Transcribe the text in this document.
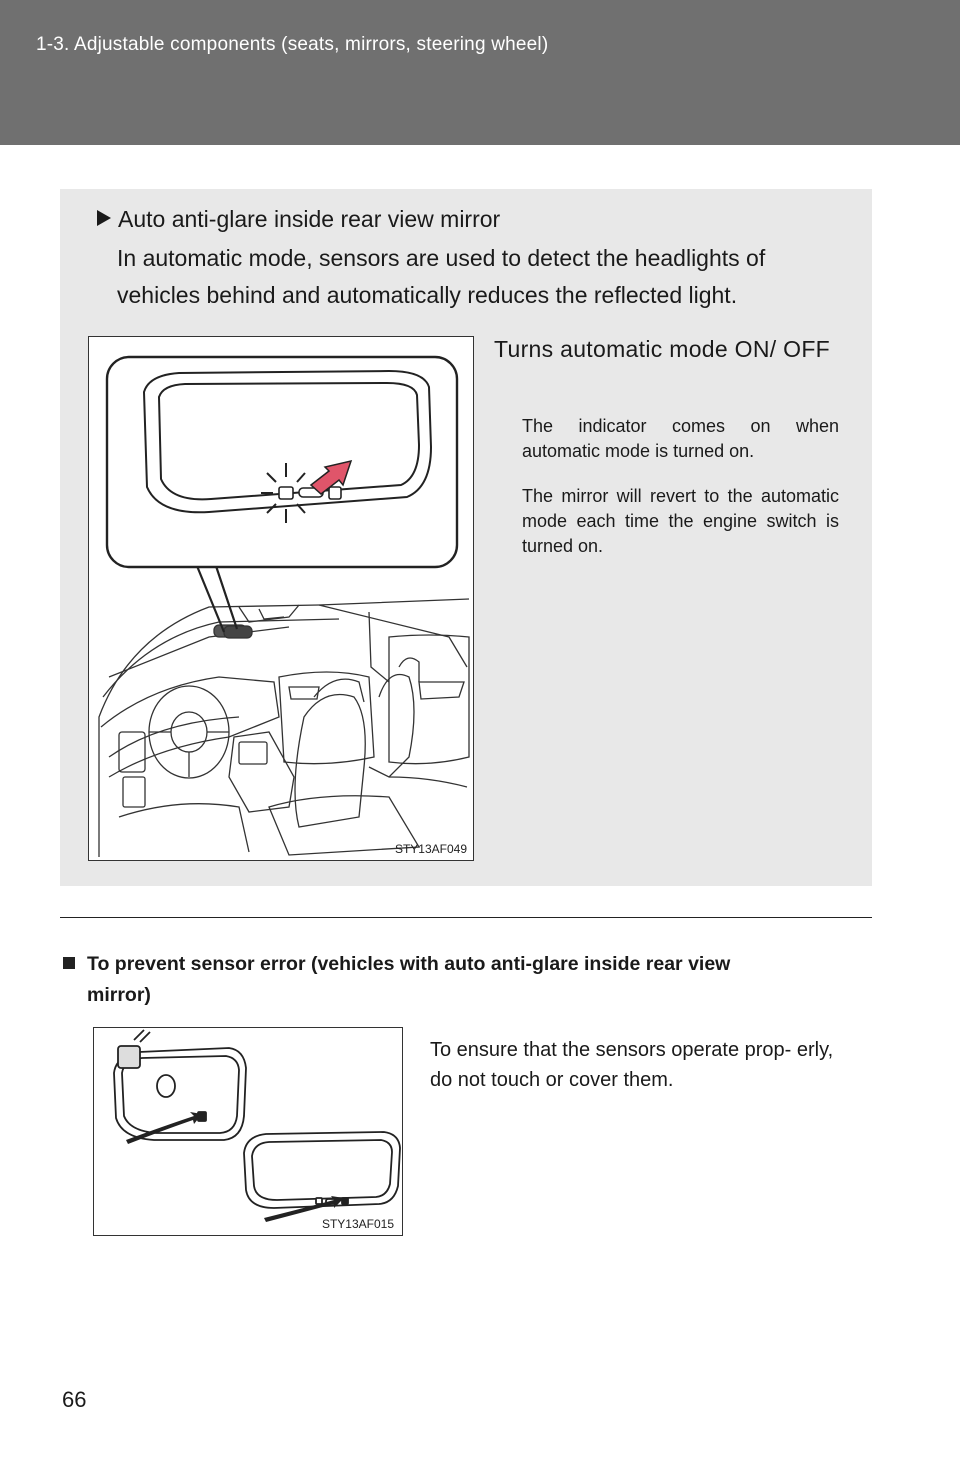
1-3. Adjustable components (seats, mirrors, steering wheel)
Auto anti-glare inside rear view mirror
In automatic mode, sensors are used to detect the headlights of vehicles behind and automatically reduces the reflected light.
STY13AF049
Turns automatic mode ON/ OFF
The indicator comes on when automatic mode is turned on.
The mirror will revert to the automatic mode each time the engine switch is turned on.
To prevent sensor error (vehicles with auto anti-glare inside rear view
mirror)
STY13AF015
To ensure that the sensors operate prop- erly, do not touch or cover them.
66
